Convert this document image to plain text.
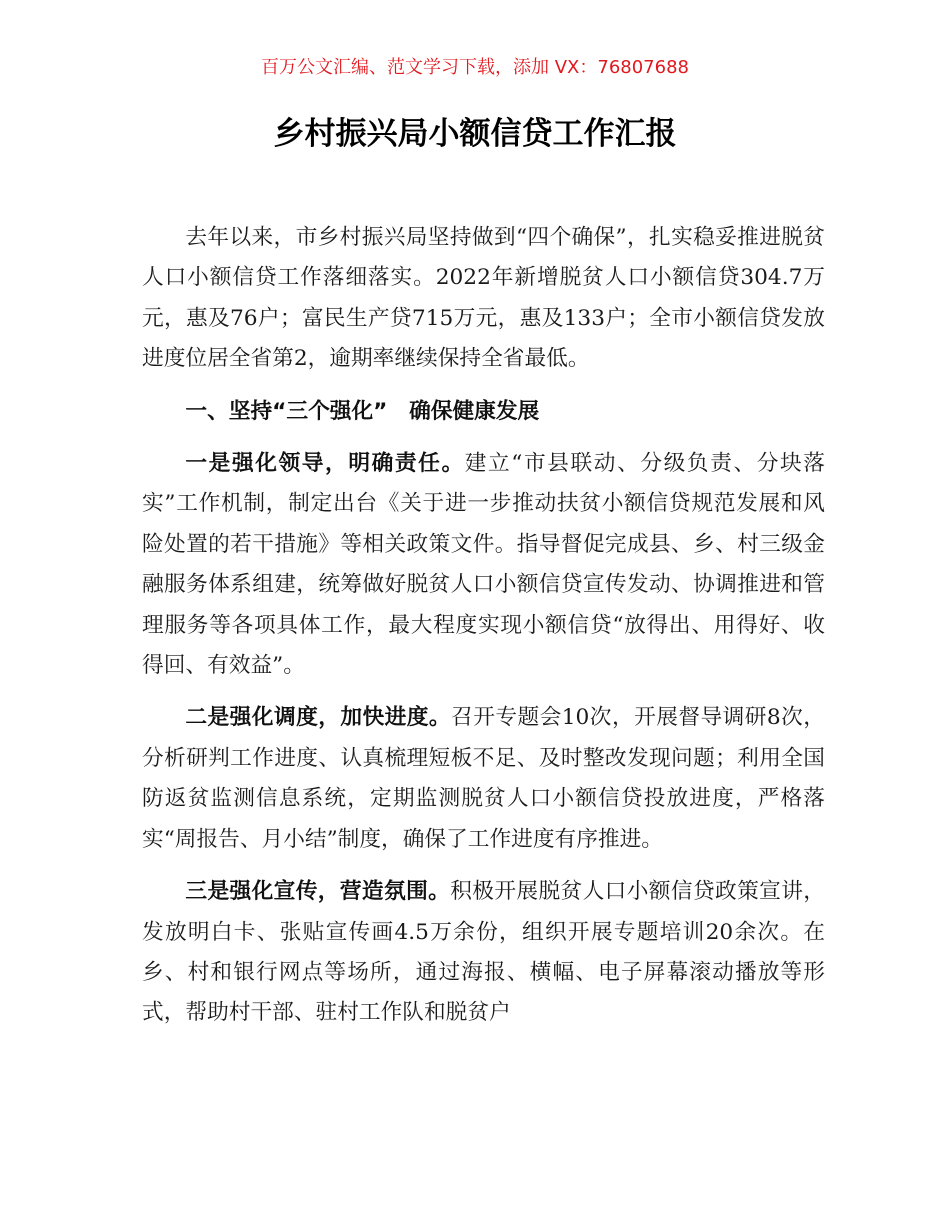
百万公文汇编、范文学习下载，添加 VX：76807688
乡村振兴局小额信贷工作汇报

去年以来，市乡村振兴局坚持做到“四个确保”，扎实稳妥推进脱贫人口小额信贷工作落细落实。2022年新增脱贫人口小额信贷304.7万元，惠及76户；富民生产贷715万元，惠及133户；全市小额信贷发放进度位居全省第2，逾期率继续保持全省最低。

一、坚持“三个强化”　确保健康发展

一是强化领导，明确责任。建立“市县联动、分级负责、分块落实”工作机制，制定出台《关于进一步推动扶贫小额信贷规范发展和风险处置的若干措施》等相关政策文件。指导督促完成县、乡、村三级金融服务体系组建，统筹做好脱贫人口小额信贷宣传发动、协调推进和管理服务等各项具体工作，最大程度实现小额信贷“放得出、用得好、收得回、有效益”。

二是强化调度，加快进度。召开专题会10次，开展督导调研8次，分析研判工作进度、认真梳理短板不足、及时整改发现问题；利用全国防返贫监测信息系统，定期监测脱贫人口小额信贷投放进度，严格落实“周报告、月小结”制度，确保了工作进度有序推进。

三是强化宣传，营造氛围。积极开展脱贫人口小额信贷政策宣讲，发放明白卡、张贴宣传画4.5万余份，组织开展专题培训20余次。在乡、村和银行网点等场所，通过海报、横幅、电子屏幕滚动播放等形式，帮助村干部、驻村工作队和脱贫户
